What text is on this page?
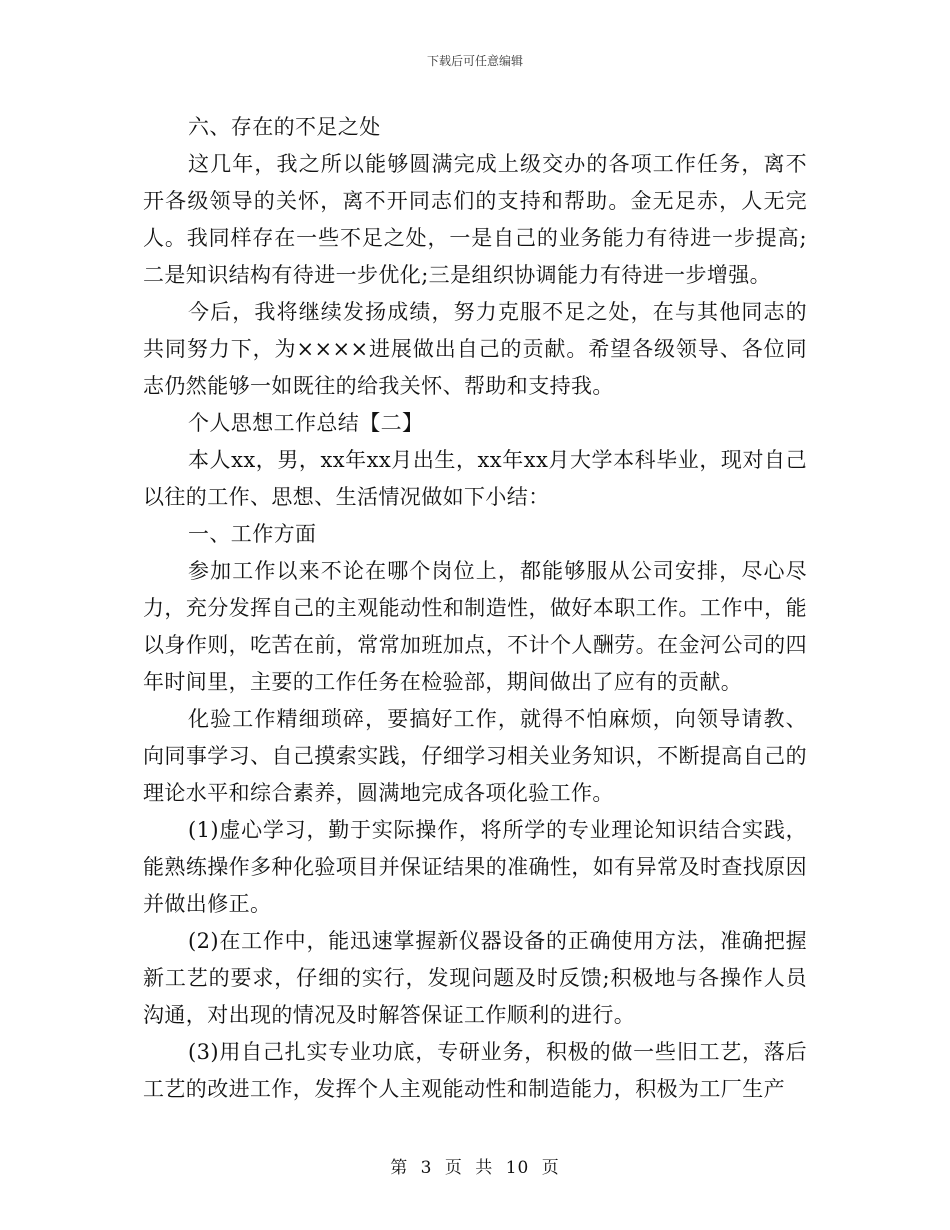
下载后可任意编辑

六、存在的不足之处

这几年，我之所以能够圆满完成上级交办的各项工作任务，离不开各级领导的关怀，离不开同志们的支持和帮助。金无足赤，人无完人。我同样存在一些不足之处，一是自己的业务能力有待进一步提高;二是知识结构有待进一步优化;三是组织协调能力有待进一步增强。

今后，我将继续发扬成绩，努力克服不足之处，在与其他同志的共同努力下，为××××进展做出自己的贡献。希望各级领导、各位同志仍然能够一如既往的给我关怀、帮助和支持我。

个人思想工作总结【二】

本人xx，男，xx年xx月出生，xx年xx月大学本科毕业，现对自己以往的工作、思想、生活情况做如下小结：

一、工作方面

参加工作以来不论在哪个岗位上，都能够服从公司安排，尽心尽力，充分发挥自己的主观能动性和制造性，做好本职工作。工作中，能以身作则，吃苦在前，常常加班加点，不计个人酬劳。在金河公司的四年时间里，主要的工作任务在检验部，期间做出了应有的贡献。

化验工作精细琐碎，要搞好工作，就得不怕麻烦，向领导请教、向同事学习、自己摸索实践，仔细学习相关业务知识，不断提高自己的理论水平和综合素养，圆满地完成各项化验工作。

(1)虚心学习，勤于实际操作，将所学的专业理论知识结合实践，能熟练操作多种化验项目并保证结果的准确性，如有异常及时查找原因并做出修正。

(2)在工作中，能迅速掌握新仪器设备的正确使用方法，准确把握新工艺的要求，仔细的实行，发现问题及时反馈;积极地与各操作人员沟通，对出现的情况及时解答保证工作顺利的进行。

(3)用自己扎实专业功底，专研业务，积极的做一些旧工艺，落后工艺的改进工作，发挥个人主观能动性和制造能力，积极为工厂生产

第 3 页 共 10 页
